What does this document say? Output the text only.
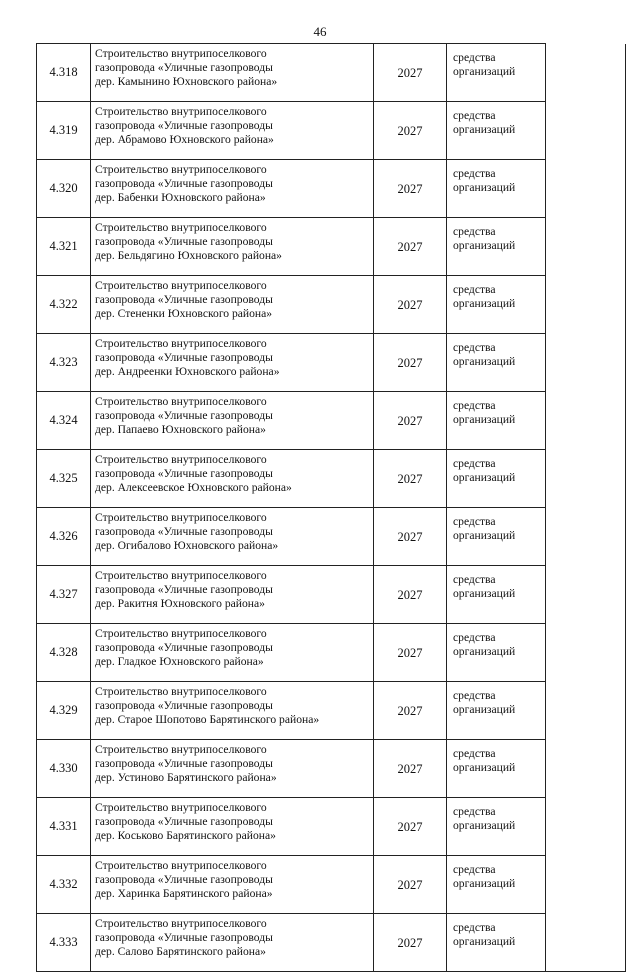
46
4.318	Строительство внутрипоселкового
газопровода «Уличные газопроводы
дер. Камынино Юхновского района»	2027	средства
организаций	

4.319	Строительство внутрипоселкового
газопровода «Уличные газопроводы
дер. Абрамово Юхновского района»	2027	средства
организаций	

4.320	Строительство внутрипоселкового
газопровода «Уличные газопроводы
дер. Бабенки Юхновского района»	2027	средства
организаций	

4.321	Строительство внутрипоселкового
газопровода «Уличные газопроводы
дер. Бельдягино Юхновского района»	2027	средства
организаций	

4.322	Строительство внутрипоселкового
газопровода «Уличные газопроводы
дер. Стененки Юхновского района»	2027	средства
организаций	

4.323	Строительство внутрипоселкового
газопровода «Уличные газопроводы
дер. Андреенки Юхновского района»	2027	средства
организаций	

4.324	Строительство внутрипоселкового
газопровода «Уличные газопроводы
дер. Папаево Юхновского района»	2027	средства
организаций	

4.325	Строительство внутрипоселкового
газопровода «Уличные газопроводы
дер. Алексеевское Юхновского района»	2027	средства
организаций	

4.326	Строительство внутрипоселкового
газопровода «Уличные газопроводы
дер. Огибалово Юхновского района»	2027	средства
организаций	

4.327	Строительство внутрипоселкового
газопровода «Уличные газопроводы
дер. Ракитня Юхновского района»	2027	средства
организаций	

4.328	Строительство внутрипоселкового
газопровода «Уличные газопроводы
дер. Гладкое Юхновского района»	2027	средства
организаций	

4.329	Строительство внутрипоселкового
газопровода «Уличные газопроводы
дер. Старое Шопотово Барятинского района»	2027	средства
организаций	

4.330	Строительство внутрипоселкового
газопровода «Уличные газопроводы
дер. Устиново Барятинского района»	2027	средства
организаций	

4.331	Строительство внутрипоселкового
газопровода «Уличные газопроводы
дер. Коськово Барятинского района»	2027	средства
организаций	

4.332	Строительство внутрипоселкового
газопровода «Уличные газопроводы
дер. Харинка Барятинского района»	2027	средства
организаций	

4.333	Строительство внутрипоселкового
газопровода «Уличные газопроводы
дер. Салово Барятинского района»	2027	средства
организаций	
